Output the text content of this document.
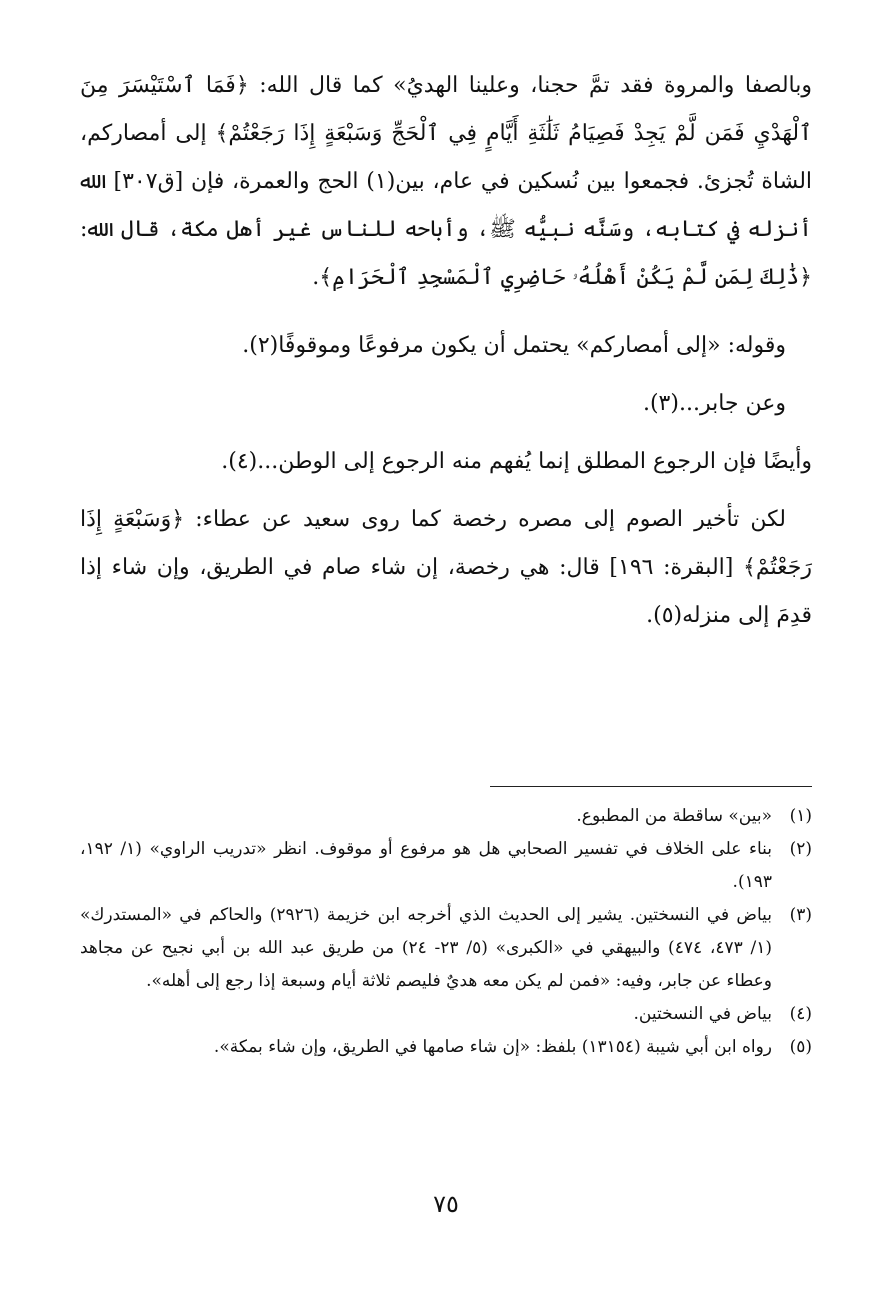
وبالصفا والمروة فقد تمَّ حجنا، وعلينا الهديُ» كما قال الله: ﴿فَمَا ٱسْتَيْسَرَ مِنَ ٱلْهَدْيِ فَمَن لَّمْ يَجِدْ فَصِيَامُ ثَلَٰثَةِ أَيَّامٍ فِي ٱلْحَجِّ وَسَبْعَةٍ إِذَا رَجَعْتُمْ﴾ إلى أمصاركم، الشاة تُجزئ. فجمعوا بين نُسكين في عام، بين(١) الحج والعمرة، فإن [ق٣٠٧] الله أنزله في كتابه، وسَنَّه نبيُّه ﷺ، وأباحه للناس غير أهل مكة، قال الله: ﴿ذَٰلِكَ لِمَن لَّمْ يَكُنْ أَهْلُهُۥ حَاضِرِي ٱلْمَسْجِدِ ٱلْحَرَامِ﴾.

وقوله: «إلى أمصاركم» يحتمل أن يكون مرفوعًا وموقوفًا(٢).

وعن جابر...(٣).

وأيضًا فإن الرجوع المطلق إنما يُفهم منه الرجوع إلى الوطن...(٤).

لكن تأخير الصوم إلى مصره رخصة كما روى سعيد عن عطاء: ﴿وَسَبْعَةٍ إِذَا رَجَعْتُمْ﴾ [البقرة: ١٩٦] قال: هي رخصة، إن شاء صام في الطريق، وإن شاء إذا قدِمَ إلى منزله(٥).

(١)
«بين» ساقطة من المطبوع.
(٢)
بناء على الخلاف في تفسير الصحابي هل هو مرفوع أو موقوف. انظر «تدريب الراوي» (١/ ١٩٢، ١٩٣).
(٣)
بياض في النسختين. يشير إلى الحديث الذي أخرجه ابن خزيمة (٢٩٢٦) والحاكم في «المستدرك» (١/ ٤٧٣، ٤٧٤) والبيهقي في «الكبرى» (٥/ ٢٣- ٢٤) من طريق عبد الله بن أبي نجيح عن مجاهد وعطاء عن جابر، وفيه: «فمن لم يكن معه هديٌ فليصم ثلاثة أيام وسبعة إذا رجع إلى أهله».
(٤)
بياض في النسختين.
(٥)
رواه ابن أبي شيبة (١٣١٥٤) بلفظ: «إن شاء صامها في الطريق، وإن شاء بمكة».
٧٥
